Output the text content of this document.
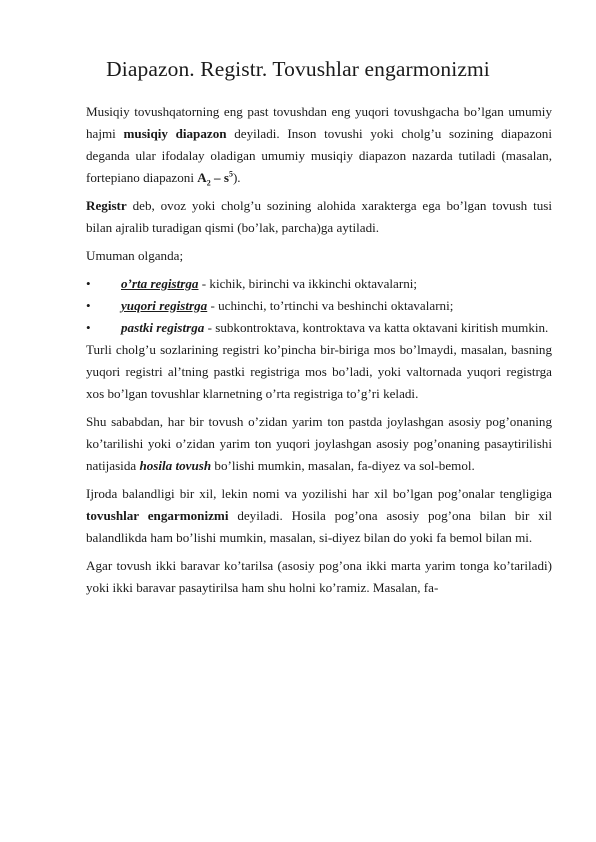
Diapazon. Registr. Tovushlar engarmonizmi

Musiqiy tovushqatorning eng past tovushdan eng yuqori tovushgacha bo’lgan umumiy hajmi musiqiy diapazon deyiladi. Inson tovushi yoki cholg’u sozining diapazoni deganda ular ifodalay oladigan umumiy musiqiy diapazon nazarda tutiladi (masalan, fortepiano diapazoni $A_2 - s^5$).

Registr deb, ovoz yoki cholg’u sozining alohida xarakterga ega bo’lgan tovush tusi bilan ajralib turadigan qismi (bo’lak, parcha)ga aytiladi.

Umuman olganda;

• o’rta registrga - kichik, birinchi va ikkinchi oktavalarni;
• yuqori registrga - uchinchi, to’rtinchi va beshinchi oktavalarni;
• pastki registrga - subkontroktava, kontroktava va katta oktavani kiritish mumkin.

Turli cholg’u sozlarining registri ko’pincha bir-biriga mos bo’lmaydi, masalan, basning yuqori registri al’tning pastki registriga mos bo’ladi, yoki valtornada yuqori registrga xos bo’lgan tovushlar klarnetning o’rta registriga to’g’ri keladi.

Shu sababdan, har bir tovush o’zidan yarim ton pastda joylashgan asosiy pog’onaning ko’tarilishi yoki o’zidan yarim ton yuqori joylashgan asosiy pog’onaning pasaytirilishi natijasida hosila tovush bo’lishi mumkin, masalan, fa-diyez va sol-bemol.

Ijroda balandligi bir xil, lekin nomi va yozilishi har xil bo’lgan pog’onalar tengligiga tovushlar engarmonizmi deyiladi. Hosila pog’ona asosiy pog’ona bilan bir xil balandlikda ham bo’lishi mumkin, masalan, si-diyez bilan do yoki fa bemol bilan mi.

Agar tovush ikki baravar ko’tarilsa (asosiy pog’ona ikki marta yarim tonga ko’tariladi) yoki ikki baravar pasaytirilsa ham shu holni ko’ramiz. Masalan, fa-
